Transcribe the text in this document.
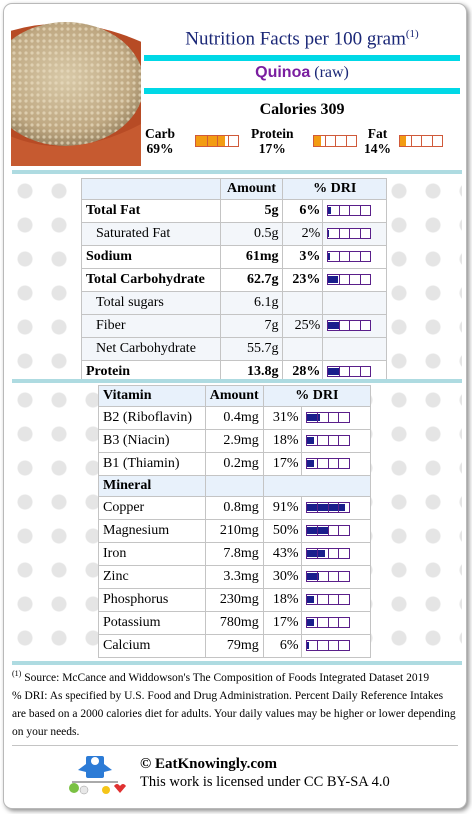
Nutrition Facts per 100 gram$^{(1)}$
Quinoa (raw)
Calories 309
Carb
69%
Protein
17%
Fat
14%
	Amount	% DRI	
Total Fat	5g	6%	

Saturated Fat	0.5g	2%	

Sodium	61mg	3%	

Total Carbohydrate	62.7g	23%	

Total sugars	6.1g		
Fiber	7g	25%	

Net Carbohydrate	55.7g		
Protein	13.8g	28%	
Vitamin	Amount	% DRI	
B2 (Riboflavin)	0.4mg	31%	

B3 (Niacin)	2.9mg	18%	

B1 (Thiamin)	0.2mg	17%	

Mineral			
Copper	0.8mg	91%	

Magnesium	210mg	50%	

Iron	7.8mg	43%	

Zinc	3.3mg	30%	

Phosphorus	230mg	18%	

Potassium	780mg	17%	

Calcium	79mg	6%	
$^{(1)}$ Source: McCance and Widdowson's The Composition of Foods Integrated Dataset 2019
% DRI: As specified by U.S. Food and Drug Administration. Percent Daily Reference Intakes are based on a 2000 calories diet for adults. Your daily values may be higher or lower depending on your needs.
© EatKnowingly.com
This work is licensed under CC BY-SA 4.0
